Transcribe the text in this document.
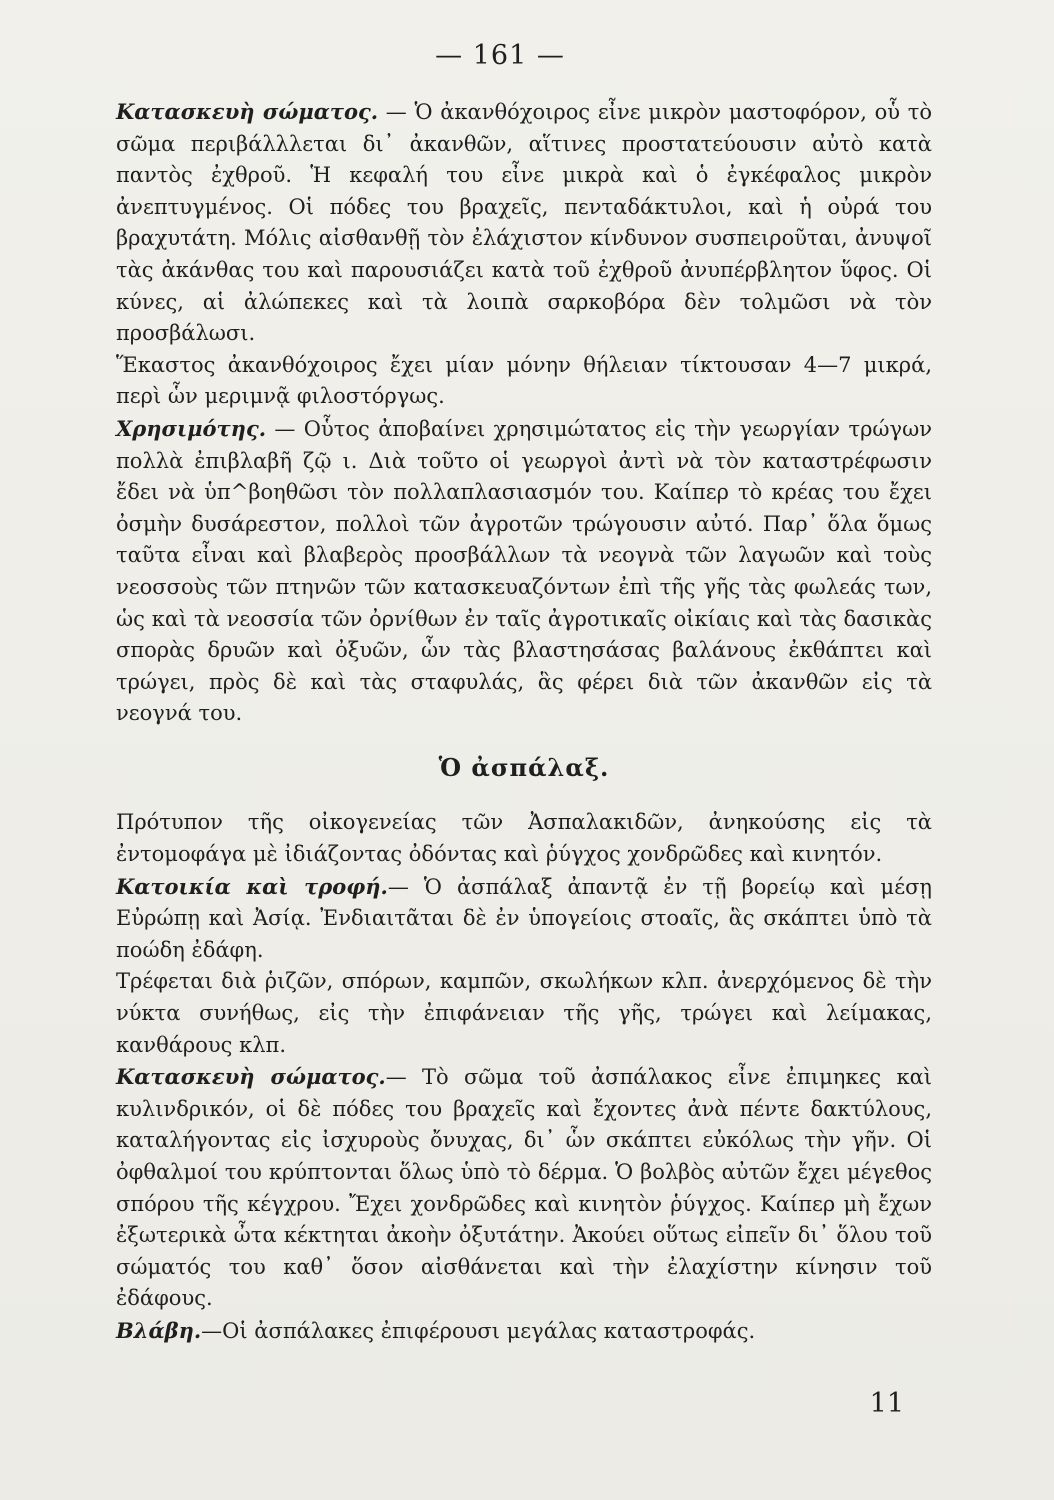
— 161 —

Κατασκευὴ σώματος. — Ὁ ἀκανθόχοιρος εἶνε μικρὸν μαστοφόρον, οὗ τὸ σῶμα περιβάλλλεται δι᾽ ἀκανθῶν, αἵτινες προστατεύουσιν αὐτὸ κατὰ παντὸς ἐχθροῦ. Ἡ κεφαλή του εἶνε μικρὰ καὶ ὁ ἐγκέφαλος μικρὸν ἀνεπτυγμένος. Οἱ πόδες του βραχεῖς, πενταδάκτυλοι, καὶ ἡ οὐρά του βραχυτάτη. Μόλις αἰσθανθῇ τὸν ἐλάχιστον κίνδυνον συσπειροῦται, ἀνυψοῖ τὰς ἀκάνθας του καὶ παρουσιάζει κατὰ τοῦ ἐχθροῦ ἀνυπέρβλητον ὕφος. Οἱ κύνες, αἱ ἀλώπεκες καὶ τὰ λοιπὰ σαρκοβόρα δὲν τολμῶσι νὰ τὸν προσβάλωσι.

Ἕκαστος ἀκανθόχοιρος ἔχει μίαν μόνην θήλειαν τίκτουσαν 4—7 μικρά, περὶ ὧν μεριμνᾷ φιλοστόργως.

Χρησιμότης. — Οὗτος ἀποβαίνει χρησιμώτατος εἰς τὴν γεωργίαν τρώγων πολλὰ ἐπιβλαβῆ ζῷ ι. Διὰ τοῦτο οἱ γεωργοὶ ἀντὶ νὰ τὸν καταστρέφωσιν ἔδει νὰ ὑπ^βοηθῶσι τὸν πολλαπλασιασμόν του. Καίπερ τὸ κρέας του ἔχει ὀσμὴν δυσάρεστον, πολλοὶ τῶν ἀγροτῶν τρώγουσιν αὐτό. Παρ᾽ ὅλα ὅμως ταῦτα εἶναι καὶ βλαβερὸς προσβάλλων τὰ νεογνὰ τῶν λαγωῶν καὶ τοὺς νεοσσοὺς τῶν πτηνῶν τῶν κατασκευαζόντων ἐπὶ τῆς γῆς τὰς φωλεάς των, ὡς καὶ τὰ νεοσσία τῶν ὀρνίθων ἐν ταῖς ἀγροτικαῖς οἰκίαις καὶ τὰς δασικὰς σπορὰς δρυῶν καὶ ὀξυῶν, ὧν τὰς βλαστησάσας βαλάνους ἐκθάπτει καὶ τρώγει, πρὸς δὲ καὶ τὰς σταφυλάς, ἃς φέρει διὰ τῶν ἀκανθῶν εἰς τὰ νεογνά του.

Ὁ ἀσπάλαξ.

Πρότυπον τῆς οἰκογενείας τῶν Ἀσπαλακιδῶν, ἀνηκούσης εἰς τὰ ἐντομοφάγα μὲ ἰδιάζοντας ὀδόντας καὶ ῥύγχος χονδρῶδες καὶ κινητόν.

Κατοικία καὶ τροφή.— Ὁ ἀσπάλαξ ἀπαντᾷ ἐν τῇ βορείῳ καὶ μέσῃ Εὐρώπῃ καὶ Ἀσίᾳ. Ἐνδιαιτᾶται δὲ ἐν ὑπογείοις στοαῖς, ἃς σκάπτει ὑπὸ τὰ ποώδη ἐδάφη.

Τρέφεται διὰ ῥιζῶν, σπόρων, καμπῶν, σκωλήκων κλπ. ἀνερχόμενος δὲ τὴν νύκτα συνήθως, εἰς τὴν ἐπιφάνειαν τῆς γῆς, τρώγει καὶ λείμακας, κανθάρους κλπ.

Κατασκευὴ σώματος.— Τὸ σῶμα τοῦ ἀσπάλακος εἶνε ἐπιμηκες καὶ κυλινδρικόν, οἱ δὲ πόδες του βραχεῖς καὶ ἔχοντες ἀνὰ πέντε δακτύλους, καταλήγοντας εἰς ἰσχυροὺς ὄνυχας, δι᾽ ὧν σκάπτει εὐκόλως τὴν γῆν. Οἱ ὀφθαλμοί του κρύπτονται ὅλως ὑπὸ τὸ δέρμα. Ὁ βολβὸς αὐτῶν ἔχει μέγεθος σπόρου τῆς κέγχρου. Ἔχει χονδρῶδες καὶ κινητὸν ῥύγχος. Καίπερ μὴ ἔχων ἐξωτερικὰ ὦτα κέκτηται ἀκοὴν ὀξυτάτην. Ἀκούει οὕτως εἰπεῖν δι᾽ ὅλου τοῦ σώματός του καθ᾽ ὅσον αἰσθάνεται καὶ τὴν ἐλαχίστην κίνησιν τοῦ ἐδάφους.

Βλάβη.—Οἱ ἀσπάλακες ἐπιφέρουσι μεγάλας καταστροφάς.

11
